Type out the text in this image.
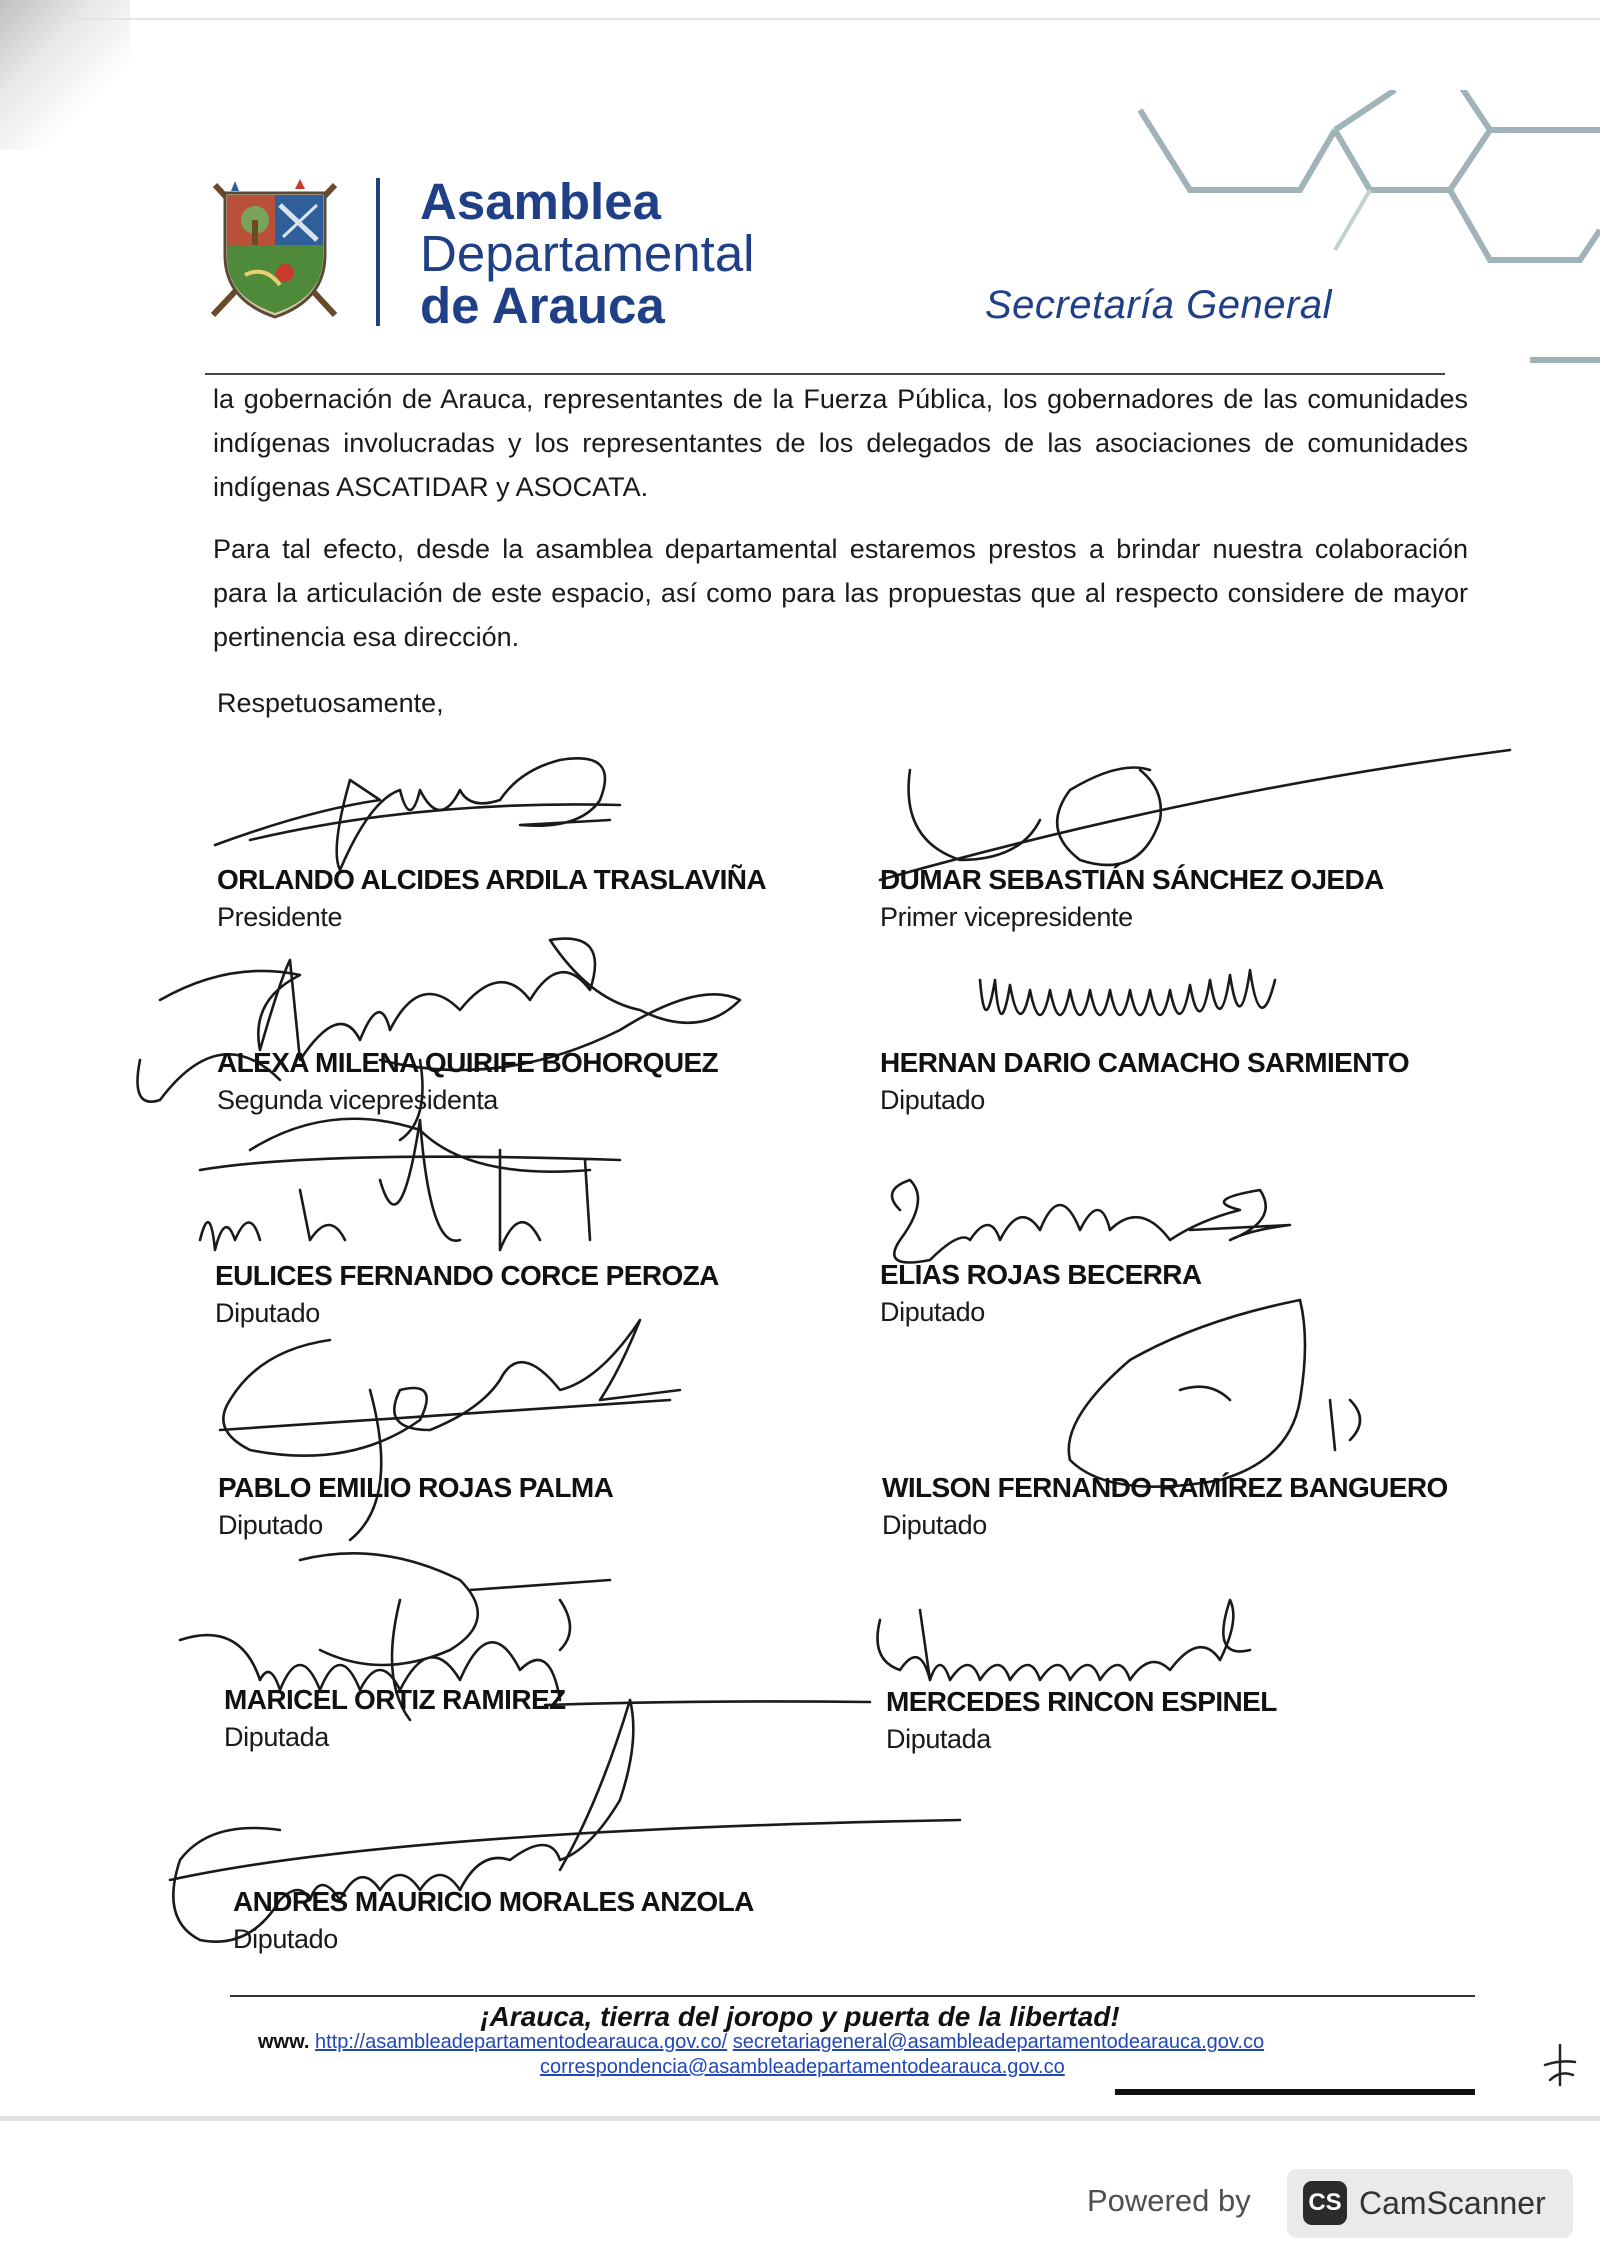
Asamblea
Departamental
de Arauca	Secretaría General
la gobernación de Arauca, representantes de la Fuerza Pública, los gobernadores de las comunidades indígenas involucradas y los representantes de los delegados de las asociaciones de comunidades indígenas ASCATIDAR y ASOCATA.
Para tal efecto, desde la asamblea departamental estaremos prestos a brindar nuestra colaboración para la articulación de este espacio, así como para las propuestas que al respecto considere de mayor pertinencia esa dirección.
Respetuosamente,
ORLANDO ALCIDES ARDILA TRASLAVIÑA
Presidente
DUMAR SEBASTIÁN SÁNCHEZ OJEDA
Primer vicepresidente
ALEXA MILENA QUIRIFE BOHORQUEZ
Segunda vicepresidenta
HERNAN DARIO CAMACHO SARMIENTO
Diputado
EULICES FERNANDO CORCE PEROZA
Diputado
ELIAS ROJAS BECERRA
Diputado
PABLO EMILIO ROJAS PALMA
Diputado
WILSON FERNANDO RAMÍREZ BANGUERO
Diputado
MARICEL ORTIZ RAMIREZ
Diputada
MERCEDES RINCON ESPINEL
Diputada
ANDRES MAURICIO MORALES ANZOLA
Diputado
¡Arauca, tierra del joropo y puerta de la libertad!
www. http://asambleadepartamentodearauca.gov.co/ secretariageneral@asambleadepartamentodearauca.gov.co
correspondencia@asambleadepartamentodearauca.gov.co
Powered by CS CamScanner
